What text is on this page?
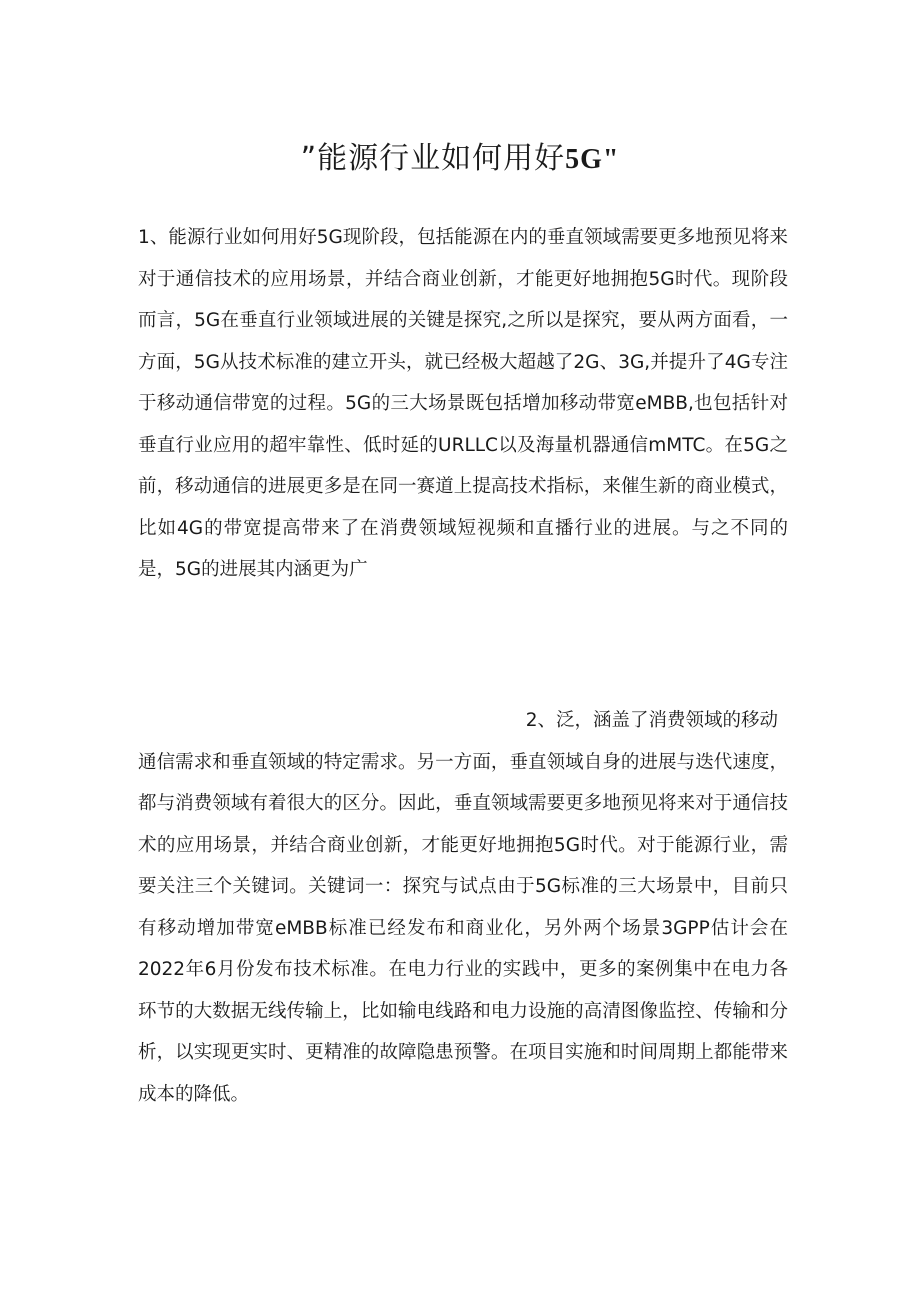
”能源行业如何用好5G"
1、能源行业如何用好5G现阶段，包括能源在内的垂直领域需要更多地预见将来对于通信技术的应用场景，并结合商业创新，才能更好地拥抱5G时代。现阶段而言，5G在垂直行业领域进展的关键是探究,之所以是探究，要从两方面看，一方面，5G从技术标准的建立开头，就已经极大超越了2G、3G,并提升了4G专注于移动通信带宽的过程。5G的三大场景既包括增加移动带宽eMBB,也包括针对垂直行业应用的超牢靠性、低时延的URLLC以及海量机器通信mMTC。在5G之前，移动通信的进展更多是在同一赛道上提高技术指标，来催生新的商业模式，比如4G的带宽提高带来了在消费领域短视频和直播行业的进展。与之不同的是，5G的进展其内涵更为广
2、泛，涵盖了消费领域的移动
通信需求和垂直领域的特定需求。另一方面，垂直领域自身的进展与迭代速度，都与消费领域有着很大的区分。因此，垂直领域需要更多地预见将来对于通信技术的应用场景，并结合商业创新，才能更好地拥抱5G时代。对于能源行业，需要关注三个关键词。关键词一：探究与试点由于5G标准的三大场景中，目前只有移动增加带宽eMBB标准已经发布和商业化，另外两个场景3GPP估计会在2022年6月份发布技术标准。在电力行业的实践中，更多的案例集中在电力各环节的大数据无线传输上，比如输电线路和电力设施的高清图像监控、传输和分析，以实现更实时、更精准的故障隐患预警。在项目实施和时间周期上都能带来成本的降低。
